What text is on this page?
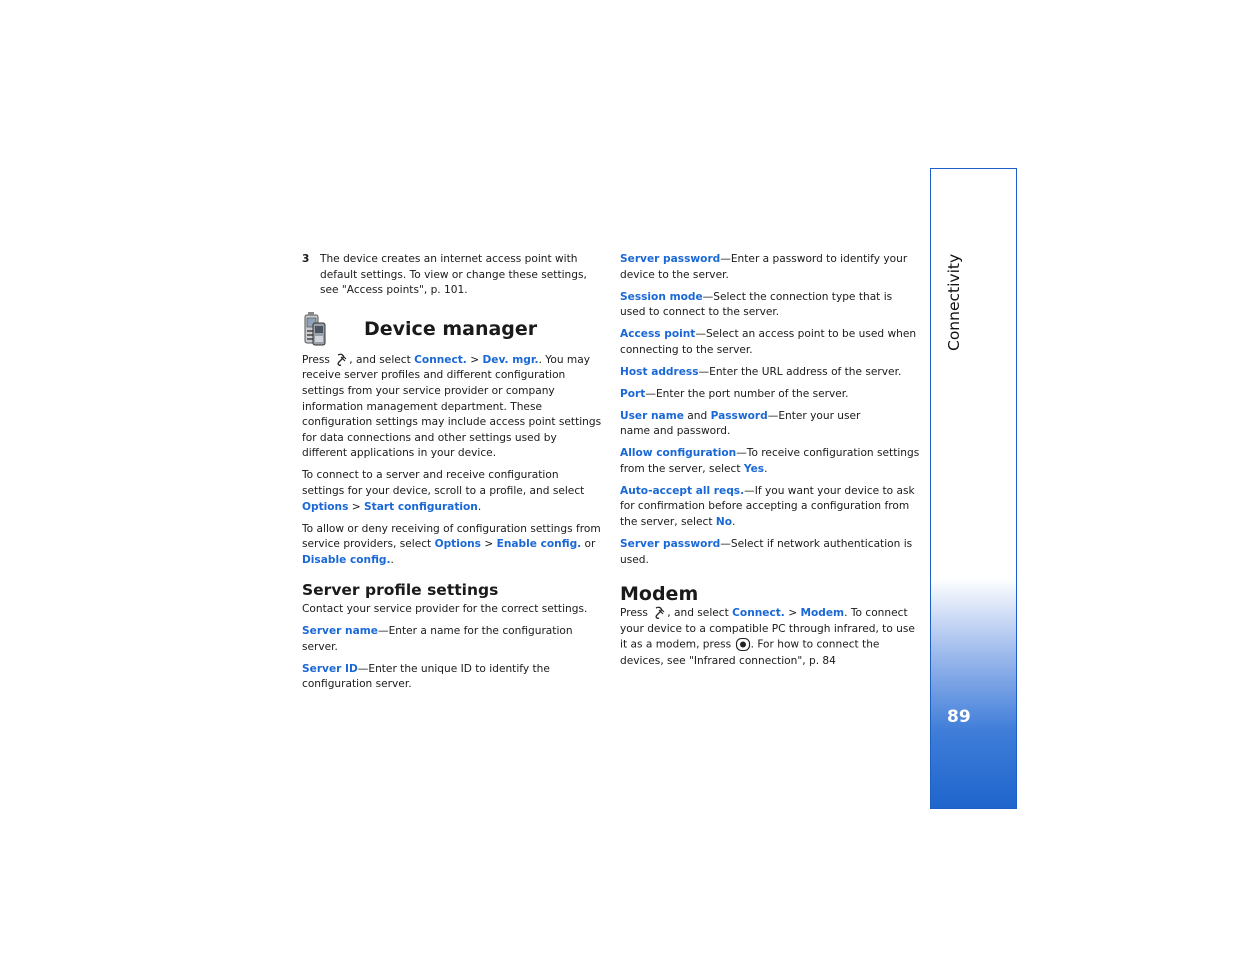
3 The device creates an internet access point with default settings. To view or change these settings, see "Access points", p. 101.
Device manager

Press , and select Connect. > Dev. mgr.. You may receive server profiles and different configuration settings from your service provider or company information management department. These configuration settings may include access point settings for data connections and other settings used by different applications in your device.

To connect to a server and receive configuration settings for your device, scroll to a profile, and select Options > Start configuration.

To allow or deny receiving of configuration settings from service providers, select Options > Enable config. or Disable config..

Server profile settings

Contact your service provider for the correct settings.

Server name—Enter a name for the configuration server.

Server ID—Enter the unique ID to identify the configuration server.

Server password—Enter a password to identify your device to the server.

Session mode—Select the connection type that is used to connect to the server.

Access point—Select an access point to be used when connecting to the server.

Host address—Enter the URL address of the server.

Port—Enter the port number of the server.

User name and Password—Enter your user name and password.

Allow configuration—To receive configuration settings from the server, select Yes.

Auto-accept all reqs.—If you want your device to ask for confirmation before accepting a configuration from the server, select No.

Server password—Select if network authentication is used.

Modem

Press , and select Connect. > Modem. To connect your device to a compatible PC through infrared, to use it as a modem, press . For how to connect the devices, see "Infrared connection", p. 84

Connectivity
89
